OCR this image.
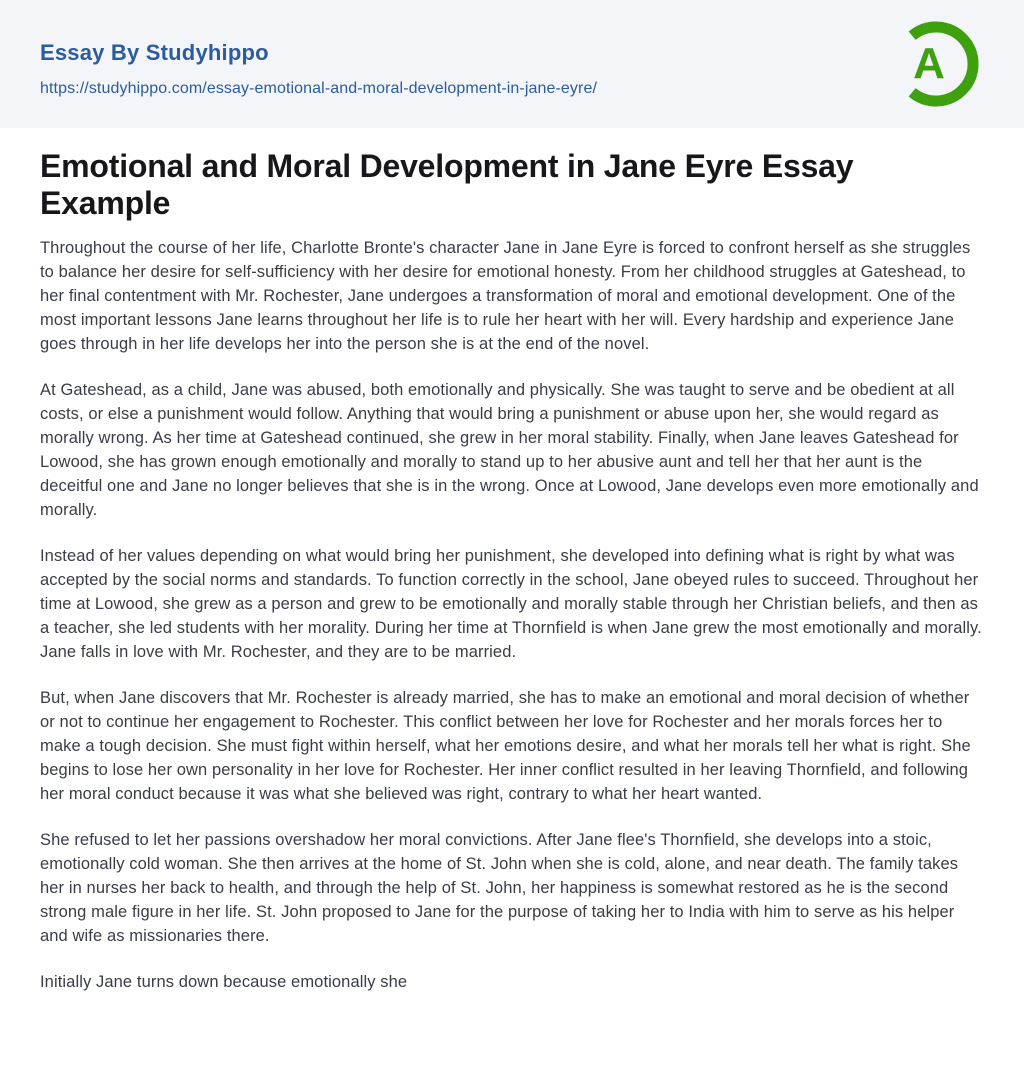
Essay By Studyhippo
https://studyhippo.com/essay-emotional-and-moral-development-in-jane-eyre/
A
Emotional and Moral Development in Jane Eyre Essay Example

Throughout the course of her life, Charlotte Bronte's character Jane in Jane Eyre is forced to confront herself as she struggles to balance her desire for self-sufficiency with her desire for emotional honesty. From her childhood struggles at Gateshead, to her final contentment with Mr. Rochester, Jane undergoes a transformation of moral and emotional development. One of the most important lessons Jane learns throughout her life is to rule her heart with her will. Every hardship and experience Jane goes through in her life develops her into the person she is at the end of the novel.

At Gateshead, as a child, Jane was abused, both emotionally and physically. She was taught to serve and be obedient at all costs, or else a punishment would follow. Anything that would bring a punishment or abuse upon her, she would regard as morally wrong. As her time at Gateshead continued, she grew in her moral stability. Finally, when Jane leaves Gateshead for Lowood, she has grown enough emotionally and morally to stand up to her abusive aunt and tell her that her aunt is the deceitful one and Jane no longer believes that she is in the wrong. Once at Lowood, Jane develops even more emotionally and morally.

Instead of her values depending on what would bring her punishment, she developed into defining what is right by what was accepted by the social norms and standards. To function correctly in the school, Jane obeyed rules to succeed. Throughout her time at Lowood, she grew as a person and grew to be emotionally and morally stable through her Christian beliefs, and then as a teacher, she led students with her morality. During her time at Thornfield is when Jane grew the most emotionally and morally. Jane falls in love with Mr. Rochester, and they are to be married.

But, when Jane discovers that Mr. Rochester is already married, she has to make an emotional and moral decision of whether or not to continue her engagement to Rochester. This conflict between her love for Rochester and her morals forces her to make a tough decision. She must fight within herself, what her emotions desire, and what her morals tell her what is right. She begins to lose her own personality in her love for Rochester. Her inner conflict resulted in her leaving Thornfield, and following her moral conduct because it was what she believed was right, contrary to what her heart wanted.

She refused to let her passions overshadow her moral convictions. After Jane flee's Thornfield, she develops into a stoic, emotionally cold woman. She then arrives at the home of St. John when she is cold, alone, and near death. The family takes her in nurses her back to health, and through the help of St. John, her happiness is somewhat restored as he is the second strong male figure in her life. St. John proposed to Jane for the purpose of taking her to India with him to serve as his helper and wife as missionaries there.

Initially Jane turns down because emotionally she
